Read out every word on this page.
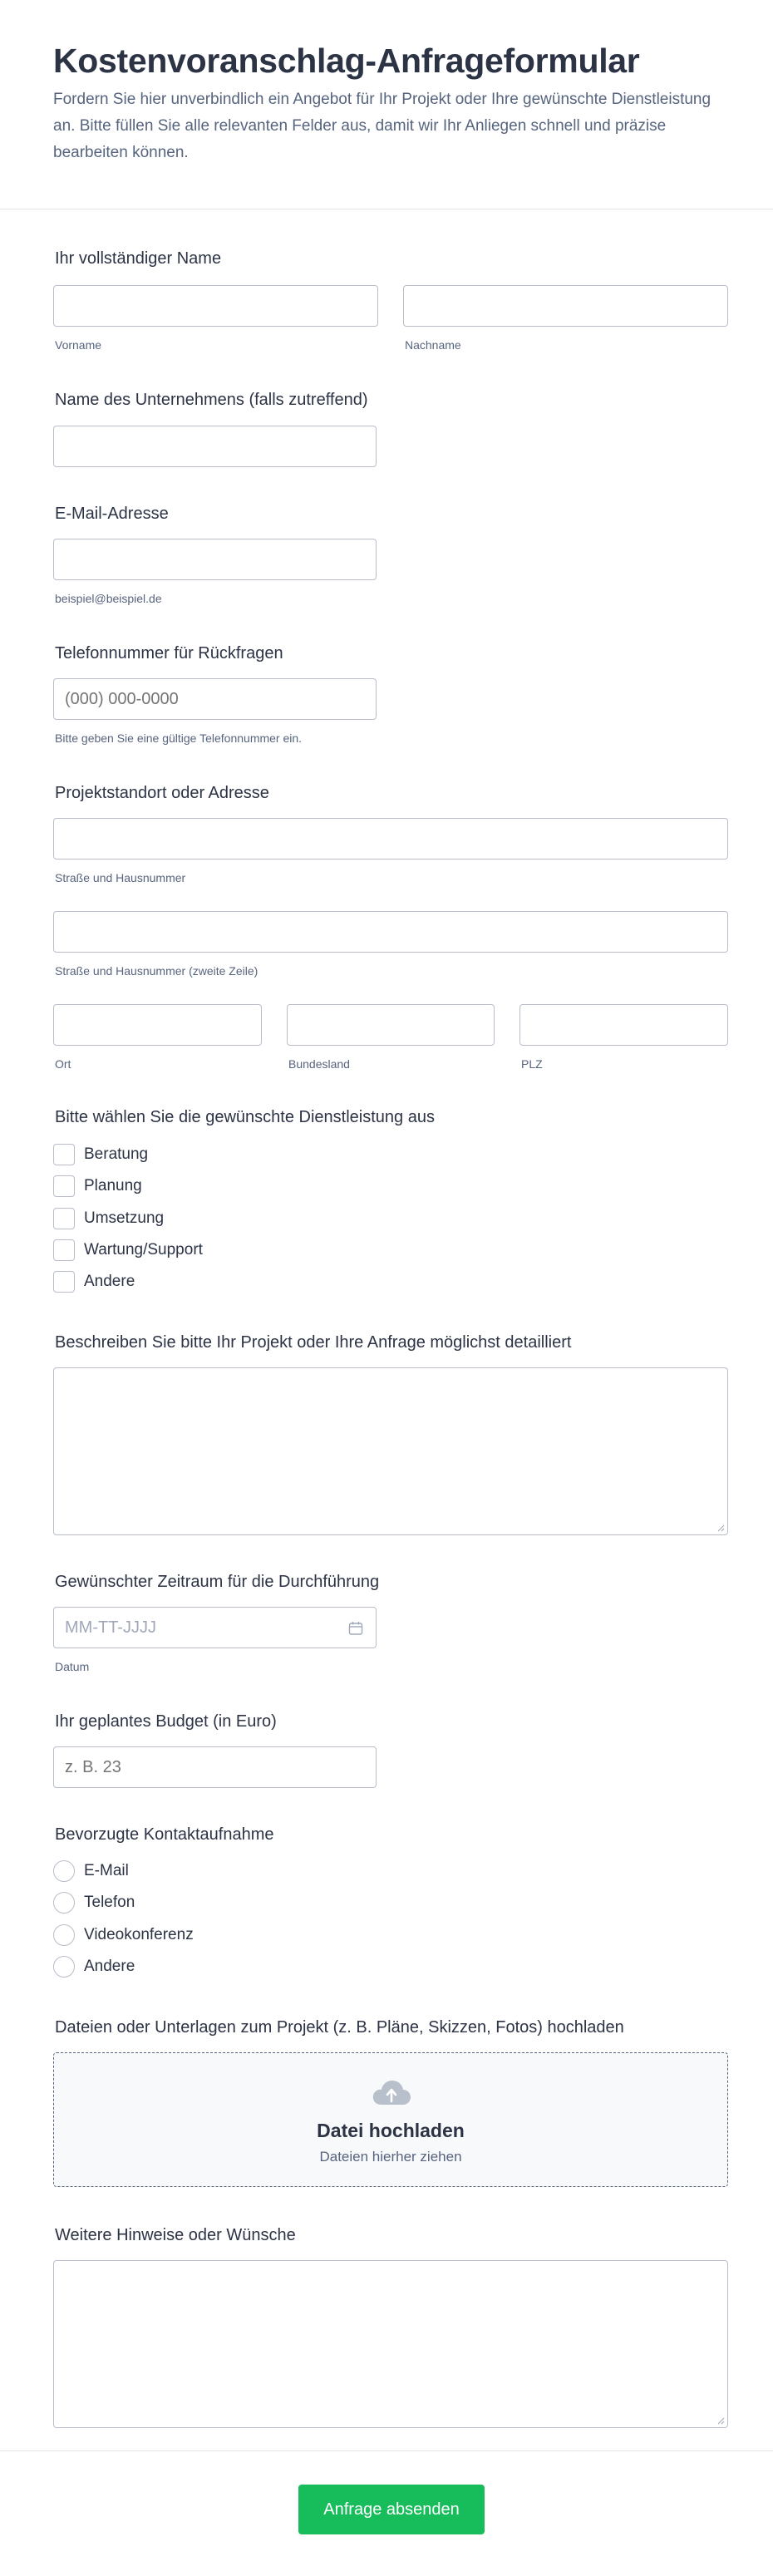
Kostenvoranschlag-Anfrageformular
Fordern Sie hier unverbindlich ein Angebot für Ihr Projekt oder Ihre gewünschte Dienstleistung an. Bitte füllen Sie alle relevanten Felder aus, damit wir Ihr Anliegen schnell und präzise bearbeiten können.
Ihr vollständiger Name
Vorname	Nachname
Name des Unternehmens (falls zutreffend)
E-Mail-Adresse
beispiel@beispiel.de
Telefonnummer für Rückfragen
(000) 000-0000
Bitte geben Sie eine gültige Telefonnummer ein.
Projektstandort oder Adresse
Straße und Hausnummer
Straße und Hausnummer (zweite Zeile)
Ort	Bundesland	PLZ
Bitte wählen Sie die gewünschte Dienstleistung aus
Beratung
Planung
Umsetzung
Wartung/Support
Andere
Beschreiben Sie bitte Ihr Projekt oder Ihre Anfrage möglichst detailliert
Gewünschter Zeitraum für die Durchführung
MM-TT-JJJJ
Datum
Ihr geplantes Budget (in Euro)
z. B. 23
Bevorzugte Kontaktaufnahme
E-Mail
Telefon
Videokonferenz
Andere
Dateien oder Unterlagen zum Projekt (z. B. Pläne, Skizzen, Fotos) hochladen
Datei hochladen
Dateien hierher ziehen
Weitere Hinweise oder Wünsche
Anfrage absenden
